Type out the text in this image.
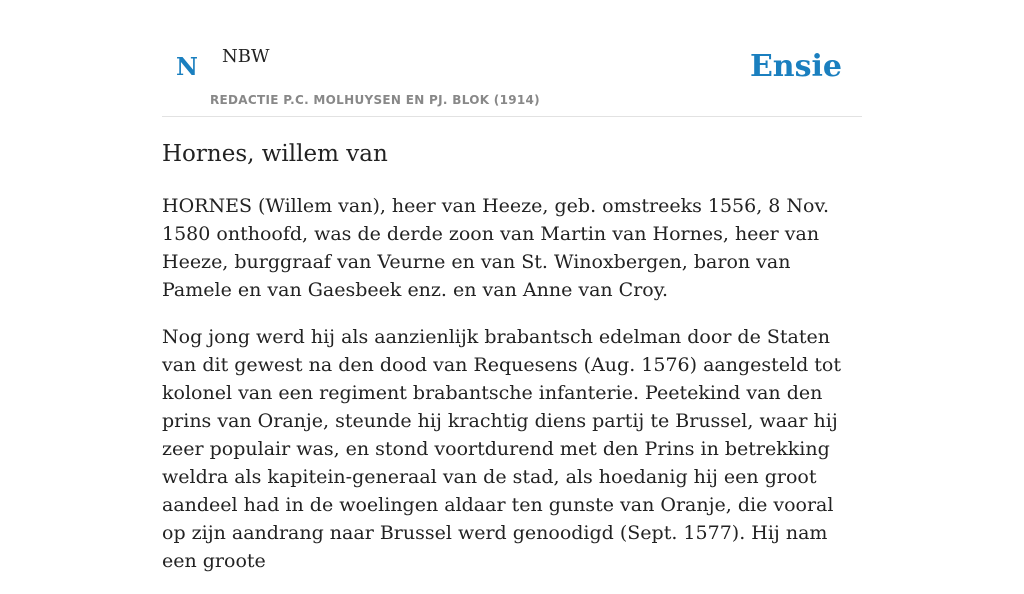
N NBW
REDACTIE P.C. MOLHUYSEN EN PJ. BLOK (1914)
Ensie
Hornes, willem van

HORNES (Willem van), heer van Heeze, geb. omstreeks 1556, 8 Nov. 1580 onthoofd, was de derde zoon van Martin van Hornes, heer van Heeze, burggraaf van Veurne en van St. Winoxbergen, baron van Pamele en van Gaesbeek enz. en van Anne van Croy.

Nog jong werd hij als aanzienlijk brabantsch edelman door de Staten van dit gewest na den dood van Requesens (Aug. 1576) aangesteld tot kolonel van een regiment brabantsche infanterie. Peetekind van den prins van Oranje, steunde hij krachtig diens partij te Brussel, waar hij zeer populair was, en stond voortdurend met den Prins in betrekking weldra als kapitein-generaal van de stad, als hoedanig hij een groot aandeel had in de woelingen aldaar ten gunste van Oranje, die vooral op zijn aandrang naar Brussel werd genoodigd (Sept. 1577). Hij nam een groote
